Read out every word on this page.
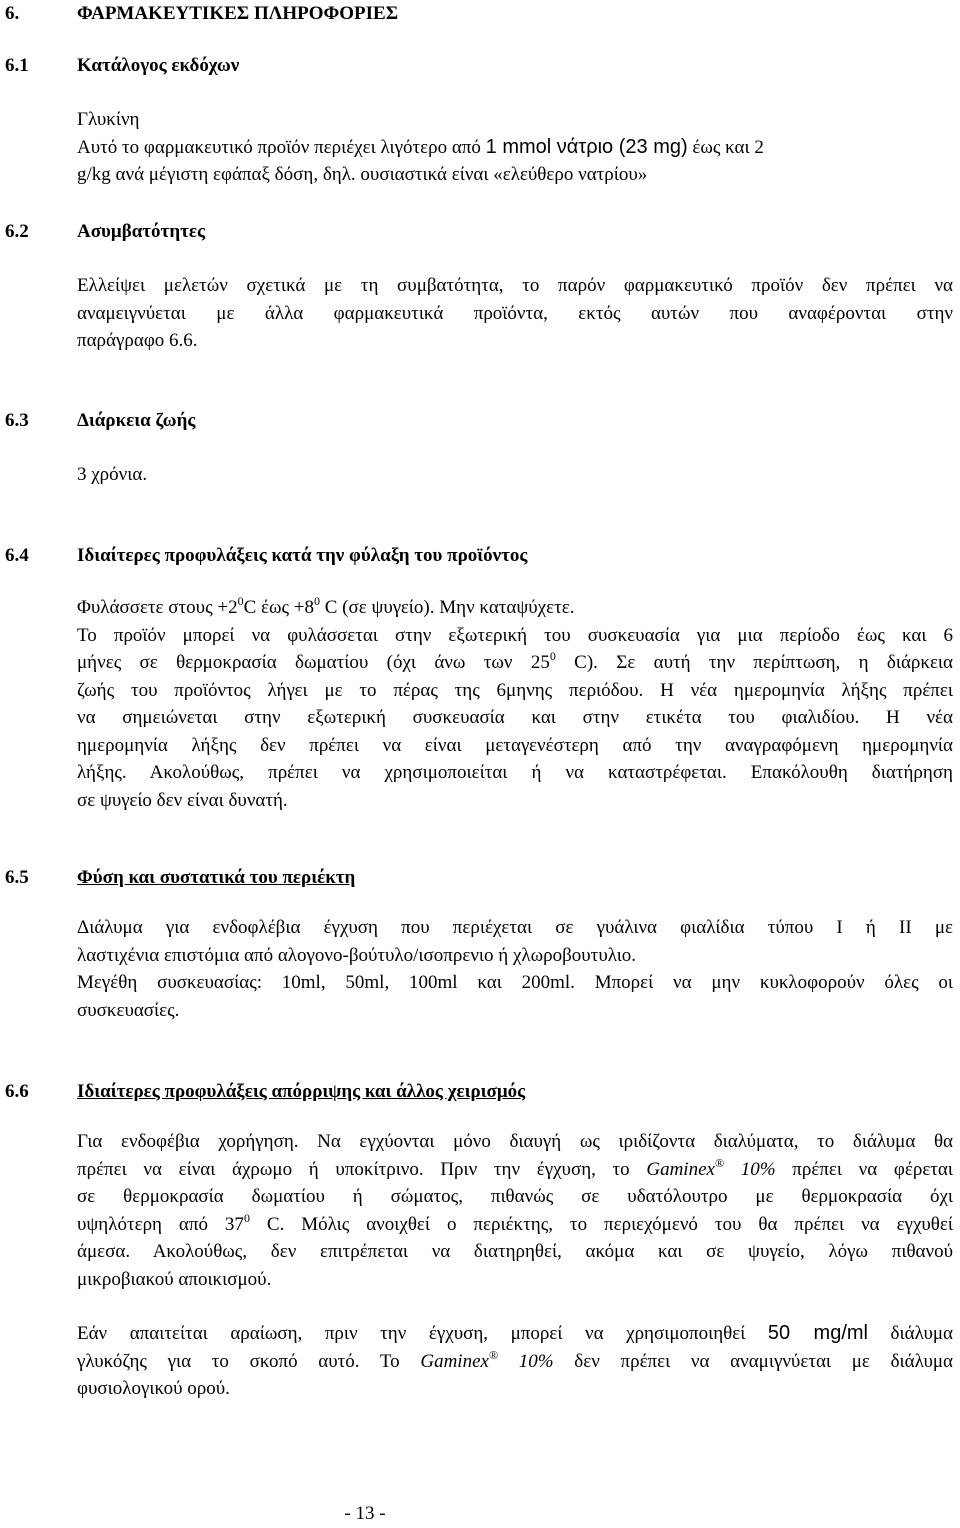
6.	ΦΑΡΜΑΚΕΥΤΙΚΕΣ ΠΛΗΡΟΦΟΡΙΕΣ
6.1	Κατάλογος εκδόχων
Γλυκίνη
Αυτό το φαρμακευτικό προϊόν περιέχει λιγότερο από 1 mmol νάτριο (23 mg) έως και 2
g/kg ανά μέγιστη εφάπαξ δόση, δηλ. ουσιαστικά είναι «ελεύθερο νατρίου»
6.2	Ασυμβατότητες
Ελλείψει μελετών σχετικά με τη συμβατότητα, το παρόν φαρμακευτικό προϊόν δεν πρέπει να
αναμειγνύεται με άλλα φαρμακευτικά προϊόντα, εκτός αυτών που αναφέρονται στην
παράγραφο 6.6.
6.3	Διάρκεια ζωής
3 χρόνια.
6.4	Ιδιαίτερες προφυλάξεις κατά την φύλαξη του προϊόντος
Φυλάσσετε $\sigma\tau o\upsilon\varsigma +2^0C$ $έ\omega\varsigma +8^0$ C (σε ψυγείο). Μην καταψύχετε.
Το προϊόν μπορεί να φυλάσσεται στην εξωτερική του συσκευασία για μια περίοδο έως και 6
μήνες σε θερμοκρασία δωματίου (όχι άνω των $25^0$ C). Σε αυτή την περίπτωση, η διάρκεια
ζωής του προϊόντος λήγει με το πέρας της 6μηνης περιόδου. Η νέα ημερομηνία λήξης πρέπει
να σημειώνεται στην εξωτερική συσκευασία και στην ετικέτα του φιαλιδίου. Η νέα
ημερομηνία λήξης δεν πρέπει να είναι μεταγενέστερη από την αναγραφόμενη ημερομηνία
λήξης. Ακολούθως, πρέπει να χρησιμοποιείται ή να καταστρέφεται. Επακόλουθη διατήρηση
σε ψυγείο δεν είναι δυνατή.
6.5	Φύση και συστατικά του περιέκτη
Διάλυμα για ενδοφλέβια έγχυση που περιέχεται σε γυάλινα φιαλίδια τύπου I ή II με
λαστιχένια επιστόμια από αλογονο-βούτυλο/ισοπρενιο ή χλωροβουτυλιο.
Μεγέθη συσκευασίας: 10ml, 50ml, 100ml και 200ml. Μπορεί να μην κυκλοφορούν όλες οι
συσκευασίες.
6.6	Ιδιαίτερες προφυλάξεις απόρριψης και άλλος χειρισμός
Για ενδοφέβια χορήγηση. Να εγχύονται μόνο διαυγή ως ιριδίζοντα διαλύματα, το διάλυμα θα
πρέπει να είναι άχρωμο ή υποκίτρινο. Πριν την έγχυση, το Gaminex® 10% πρέπει να φέρεται
σε θερμοκρασία δωματίου ή σώματος, πιθανώς σε υδατόλουτρο με θερμοκρασία όχι
υψηλότερη από $37^0$ C. Μόλις ανοιχθεί ο περιέκτης, το περιεχόμενό του θα πρέπει να εγχυθεί
άμεσα. Ακολούθως, δεν επιτρέπεται να διατηρηθεί, ακόμα και σε ψυγείο, λόγω πιθανού
μικροβιακού αποικισμού.
Εάν απαιτείται αραίωση, πριν την έγχυση, μπορεί να χρησιμοποιηθεί 50 mg/ml διάλυμα
γλυκόζης για το σκοπό αυτό. Το Gaminex® 10% δεν πρέπει να αναμιγνύεται με διάλυμα
φυσιολογικού ορού.
- 13 -
